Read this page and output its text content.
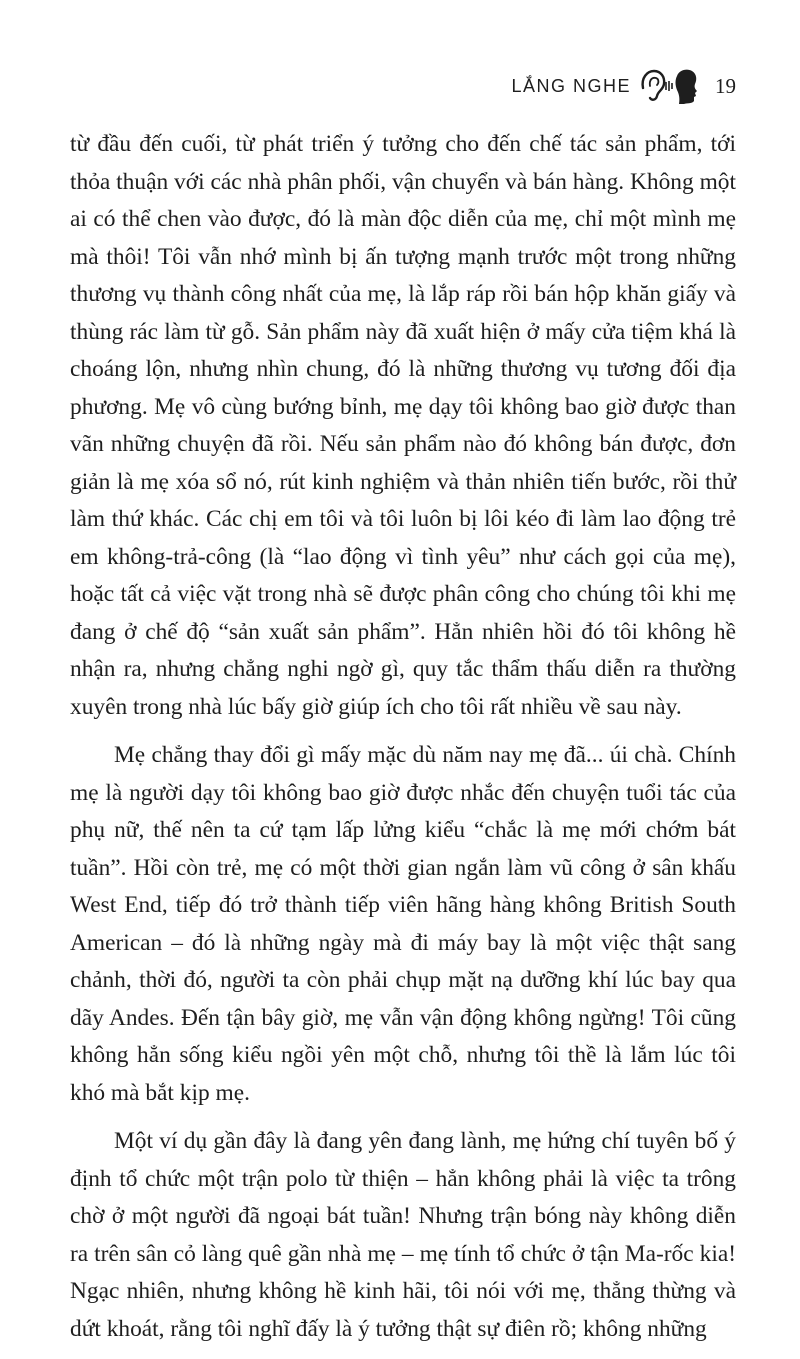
LẮNG NGHE	19

từ đầu đến cuối, từ phát triển ý tưởng cho đến chế tác sản phẩm, tới thỏa thuận với các nhà phân phối, vận chuyển và bán hàng. Không một ai có thể chen vào được, đó là màn độc diễn của mẹ, chỉ một mình mẹ mà thôi! Tôi vẫn nhớ mình bị ấn tượng mạnh trước một trong những thương vụ thành công nhất của mẹ, là lắp ráp rồi bán hộp khăn giấy và thùng rác làm từ gỗ. Sản phẩm này đã xuất hiện ở mấy cửa tiệm khá là choáng lộn, nhưng nhìn chung, đó là những thương vụ tương đối địa phương. Mẹ vô cùng bướng bỉnh, mẹ dạy tôi không bao giờ được than vãn những chuyện đã rồi. Nếu sản phẩm nào đó không bán được, đơn giản là mẹ xóa sổ nó, rút kinh nghiệm và thản nhiên tiến bước, rồi thử làm thứ khác. Các chị em tôi và tôi luôn bị lôi kéo đi làm lao động trẻ em không-trả-công (là “lao động vì tình yêu” như cách gọi của mẹ), hoặc tất cả việc vặt trong nhà sẽ được phân công cho chúng tôi khi mẹ đang ở chế độ “sản xuất sản phẩm”. Hẳn nhiên hồi đó tôi không hề nhận ra, nhưng chẳng nghi ngờ gì, quy tắc thẩm thấu diễn ra thường xuyên trong nhà lúc bấy giờ giúp ích cho tôi rất nhiều về sau này.

Mẹ chẳng thay đổi gì mấy mặc dù năm nay mẹ đã... úi chà. Chính mẹ là người dạy tôi không bao giờ được nhắc đến chuyện tuổi tác của phụ nữ, thế nên ta cứ tạm lấp lửng kiểu “chắc là mẹ mới chớm bát tuần”. Hồi còn trẻ, mẹ có một thời gian ngắn làm vũ công ở sân khấu West End, tiếp đó trở thành tiếp viên hãng hàng không British South American – đó là những ngày mà đi máy bay là một việc thật sang chảnh, thời đó, người ta còn phải chụp mặt nạ dưỡng khí lúc bay qua dãy Andes. Đến tận bây giờ, mẹ vẫn vận động không ngừng! Tôi cũng không hẳn sống kiểu ngồi yên một chỗ, nhưng tôi thề là lắm lúc tôi khó mà bắt kịp mẹ.

Một ví dụ gần đây là đang yên đang lành, mẹ hứng chí tuyên bố ý định tổ chức một trận polo từ thiện – hẳn không phải là việc ta trông chờ ở một người đã ngoại bát tuần! Nhưng trận bóng này không diễn ra trên sân cỏ làng quê gần nhà mẹ – mẹ tính tổ chức ở tận Ma-rốc kia! Ngạc nhiên, nhưng không hề kinh hãi, tôi nói với mẹ, thẳng thừng và dứt khoát, rằng tôi nghĩ đấy là ý tưởng thật sự điên rồ; không những
